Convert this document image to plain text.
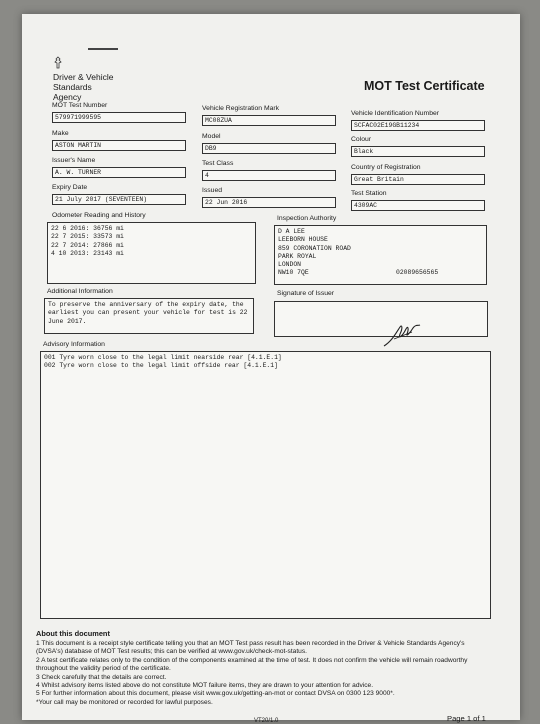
Driver & Vehicle
Standards
Agency
MOT Test Certificate
MOT Test Number
579971999595
Vehicle Registration Mark
MC08ZUA
Vehicle Identification Number
SCFAC02E19GB11234
Make
ASTON MARTIN
Model
DB9
Colour
Black
Issuer's Name
A. W. TURNER
Test Class
4
Country of Registration
Great Britain
Expiry Date
21 July 2017 (SEVENTEEN)
Issued
22 Jun 2016
Test Station
4309AC
Odometer Reading and History
22 6 2016: 36756 mi
22 7 2015: 33573 mi
22 7 2014: 27866 mi
4 10 2013: 23143 mi
Inspection Authority
D A LEE
LEEBORN HOUSE
859 CORONATION ROAD
PARK ROYAL
LONDON
NW10 7QE	02089656565
Additional Information
To preserve the anniversary of the expiry date, the earliest you can present your vehicle for test is 22 June 2017.
Signature of Issuer
Advisory Information
001 Tyre worn close to the legal limit nearside rear [4.1.E.1]
002 Tyre worn close to the legal limit offside rear [4.1.E.1]
About this document
1 This document is a receipt style certificate telling you that an MOT Test pass result has been recorded in the Driver & Vehicle Standards Agency's (DVSA's) database of MOT Test results; this can be verified at www.gov.uk/check-mot-status.
2 A test certificate relates only to the condition of the components examined at the time of test. It does not confirm the vehicle will remain roadworthy throughout the validity period of the certificate.
3 Check carefully that the details are correct.
4 Whilst advisory items listed above do not constitute MOT failure items, they are drawn to your attention for advice.
5 For further information about this document, please visit www.gov.uk/getting-an-mot or contact DVSA on 0300 123 9000*.
*Your call may be monitored or recorded for lawful purposes.
VT20/1.0	Page 1 of 1
